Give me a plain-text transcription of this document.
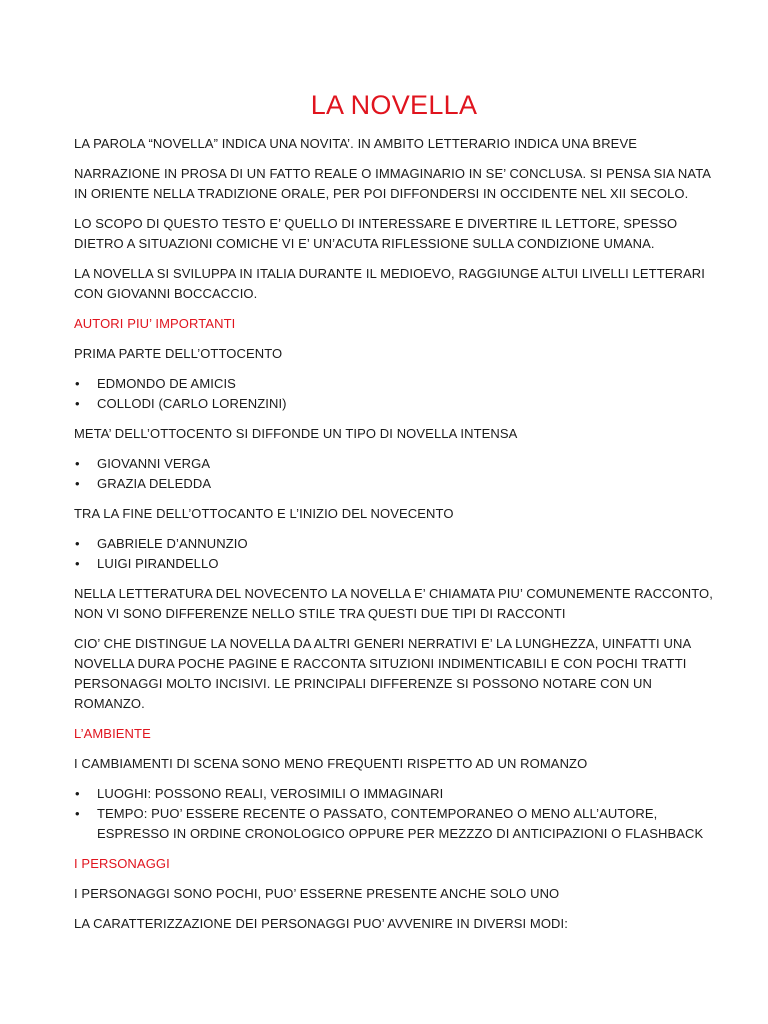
LA NOVELLA

LA PAROLA “NOVELLA” INDICA UNA NOVITA’. IN AMBITO LETTERARIO INDICA UNA BREVE

NARRAZIONE IN PROSA DI UN FATTO REALE O IMMAGINARIO IN SE’ CONCLUSA. SI PENSA SIA NATA IN ORIENTE NELLA TRADIZIONE ORALE, PER POI DIFFONDERSI IN OCCIDENTE NEL XII SECOLO.

LO SCOPO DI QUESTO TESTO E’ QUELLO DI INTERESSARE E DIVERTIRE IL LETTORE, SPESSO DIETRO A SITUAZIONI COMICHE VI E’ UN’ACUTA RIFLESSIONE SULLA CONDIZIONE UMANA.

LA NOVELLA SI SVILUPPA IN ITALIA DURANTE IL MEDIOEVO, RAGGIUNGE ALTUI LIVELLI LETTERARI CON GIOVANNI BOCCACCIO.

AUTORI PIU’ IMPORTANTI

PRIMA PARTE DELL’OTTOCENTO

• EDMONDO DE AMICIS
• COLLODI (CARLO LORENZINI)

META’ DELL’OTTOCENTO SI DIFFONDE UN TIPO DI NOVELLA INTENSA

• GIOVANNI VERGA
• GRAZIA DELEDDA

TRA LA FINE DELL’OTTOCANTO E L’INIZIO DEL NOVECENTO

• GABRIELE D’ANNUNZIO
• LUIGI PIRANDELLO

NELLA LETTERATURA DEL NOVECENTO LA NOVELLA E’ CHIAMATA PIU’ COMUNEMENTE RACCONTO, NON VI SONO DIFFERENZE NELLO STILE TRA QUESTI DUE TIPI DI RACCONTI

CIO’ CHE DISTINGUE LA NOVELLA DA ALTRI GENERI NERRATIVI E’ LA LUNGHEZZA, UINFATTI UNA NOVELLA DURA POCHE PAGINE E RACCONTA SITUZIONI INDIMENTICABILI E CON POCHI TRATTI PERSONAGGI MOLTO INCISIVI. LE PRINCIPALI DIFFERENZE SI POSSONO NOTARE CON UN ROMANZO.

L’AMBIENTE

I CAMBIAMENTI DI SCENA SONO MENO FREQUENTI RISPETTO AD UN ROMANZO

• LUOGHI: POSSONO REALI, VEROSIMILI O IMMAGINARI
• TEMPO: PUO’ ESSERE RECENTE O PASSATO, CONTEMPORANEO O MENO ALL’AUTORE, ESPRESSO IN ORDINE CRONOLOGICO OPPURE PER MEZZZO DI ANTICIPAZIONI O FLASHBACK

I PERSONAGGI

I PERSONAGGI SONO POCHI, PUO’ ESSERNE PRESENTE ANCHE SOLO UNO

LA CARATTERIZZAZIONE DEI PERSONAGGI PUO’ AVVENIRE IN DIVERSI MODI:
